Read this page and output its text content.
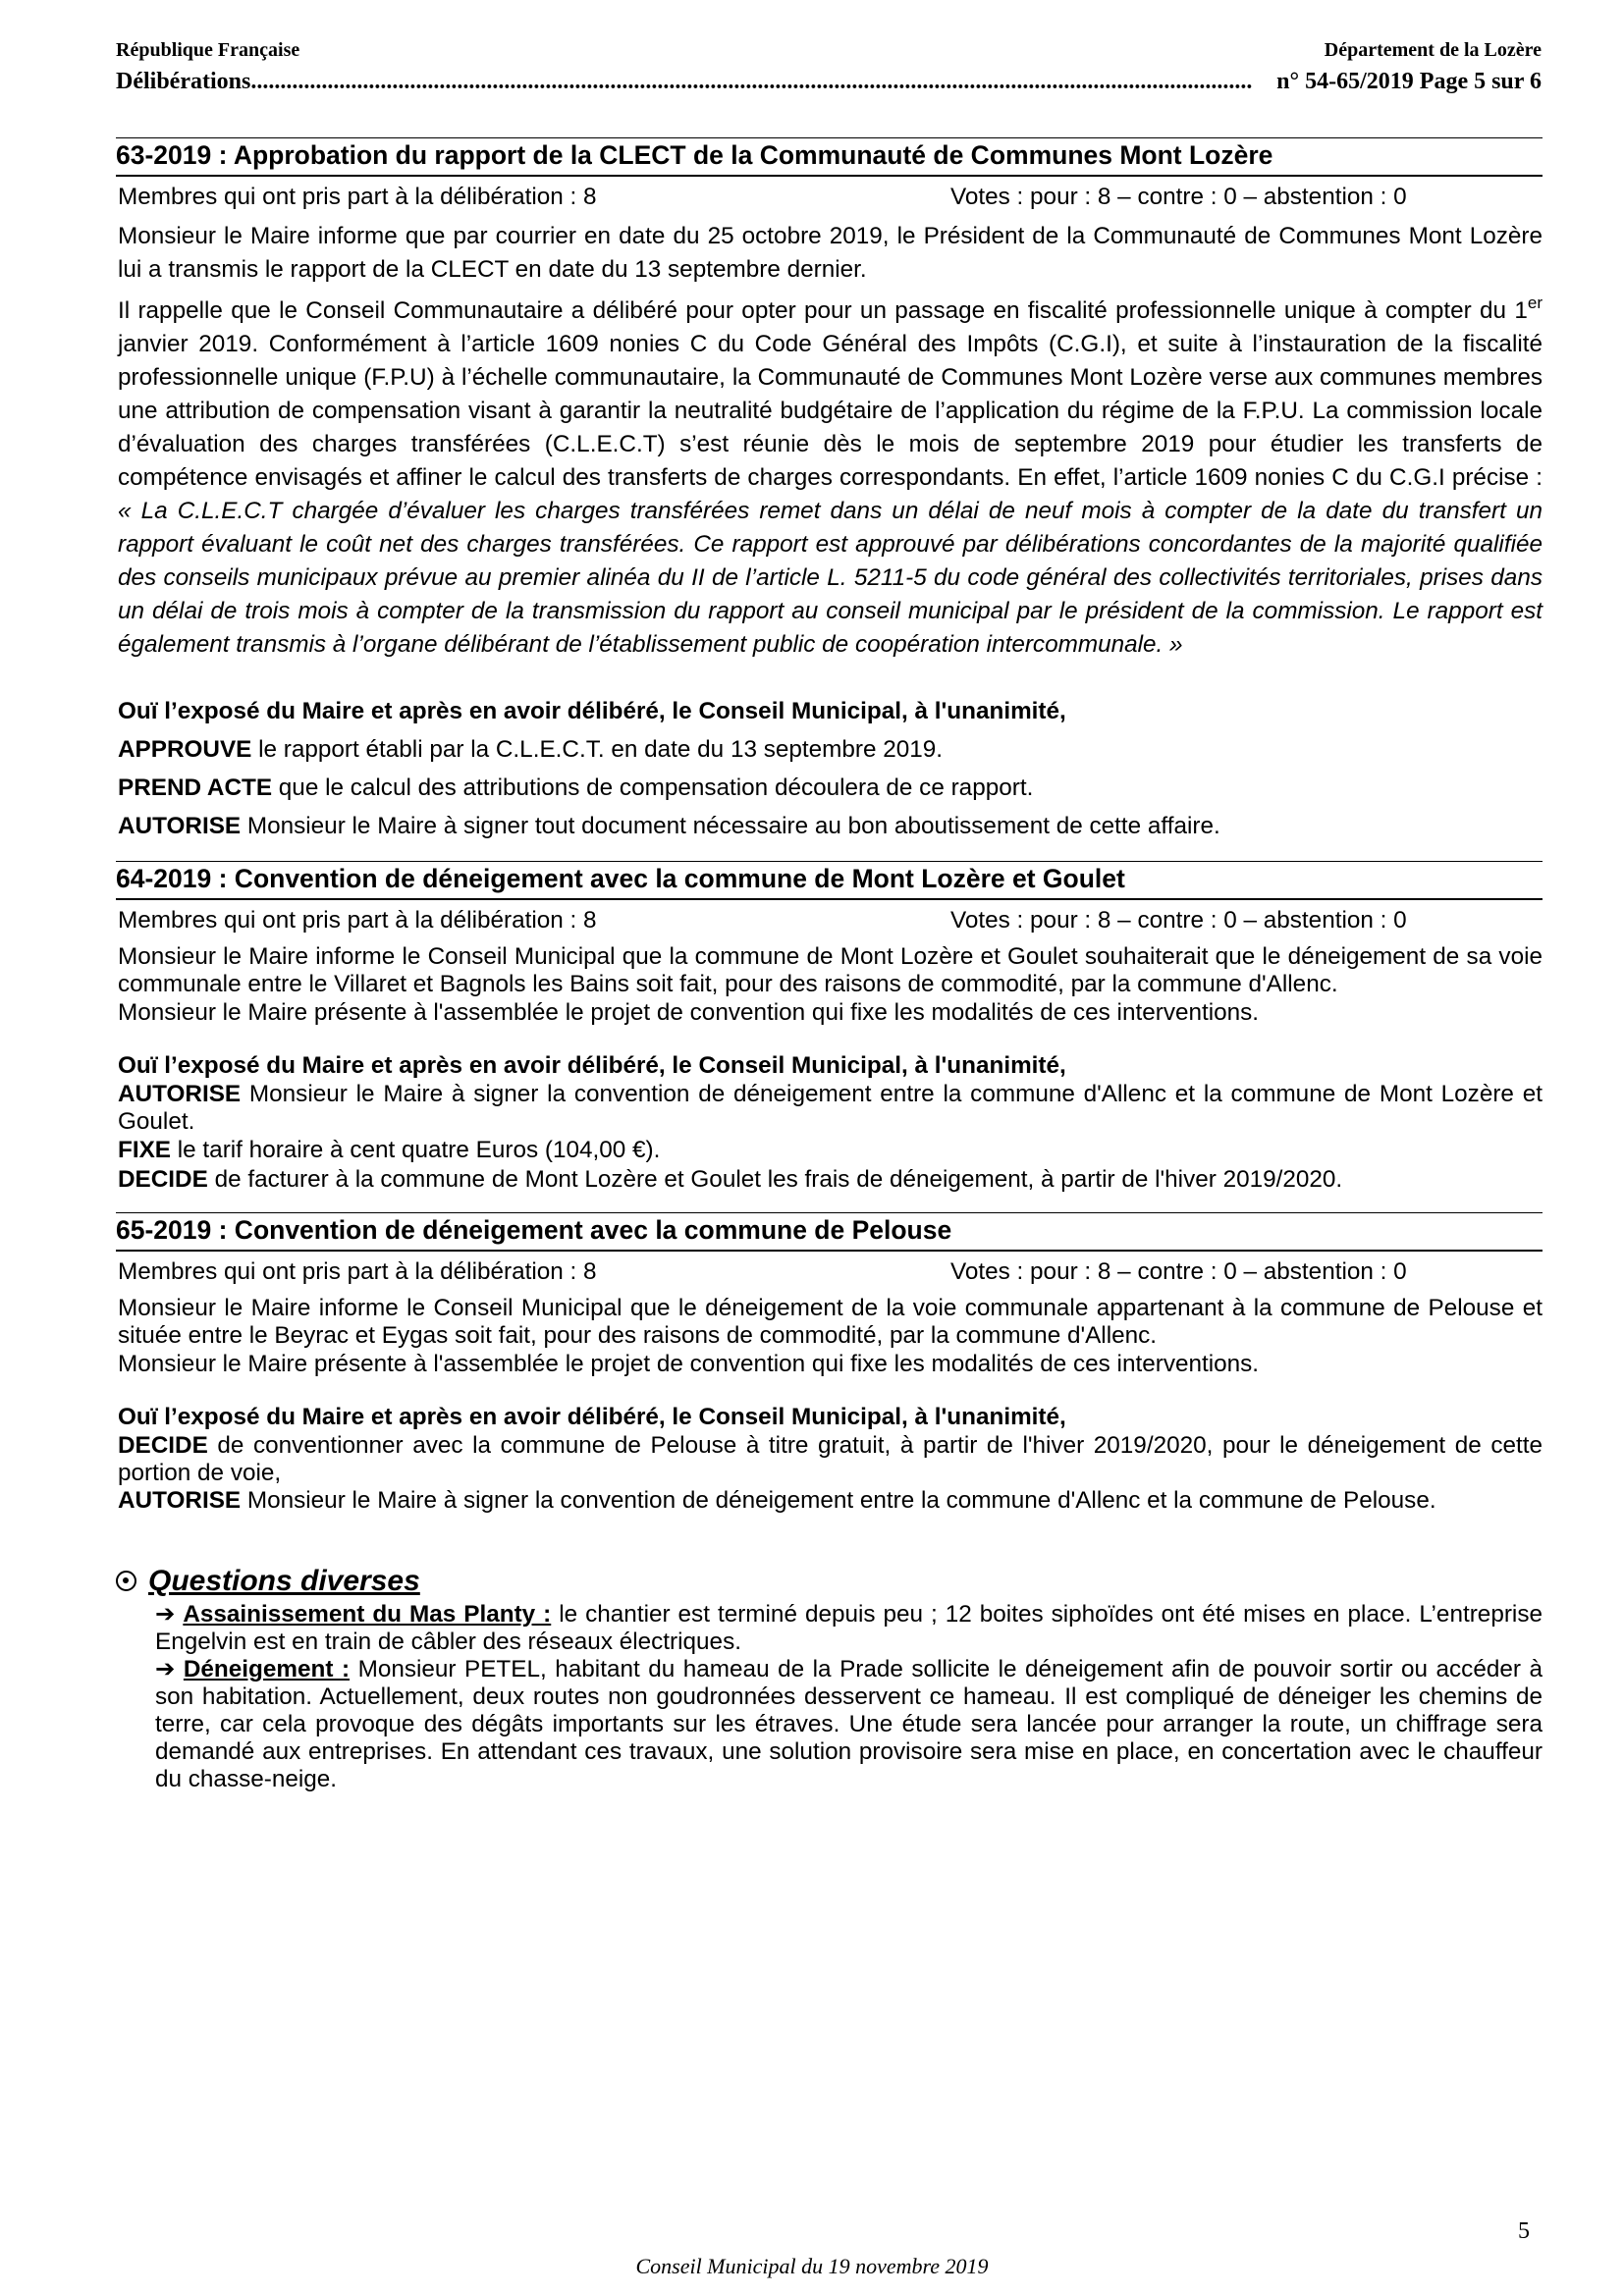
République Française	Département de la Lozère
Délibérations ..........................................................................................................................................................................	n° 54-65/2019 Page 5 sur 6
63-2019 : Approbation du rapport de la CLECT de la Communauté de Communes Mont Lozère
Membres qui ont pris part à la délibération : 8	Votes : pour : 8 – contre : 0 – abstention : 0

Monsieur le Maire informe que par courrier en date du 25 octobre 2019, le Président de la Communauté de Communes Mont Lozère lui a transmis le rapport de la CLECT en date du 13 septembre dernier.

Il rappelle que le Conseil Communautaire a délibéré pour opter pour un passage en fiscalité professionnelle unique à compter du 1er janvier 2019. Conformément à l’article 1609 nonies C du Code Général des Impôts (C.G.I), et suite à l’instauration de la fiscalité professionnelle unique (F.P.U) à l’échelle communautaire, la Communauté de Communes Mont Lozère verse aux communes membres une attribution de compensation visant à garantir la neutralité budgétaire de l’application du régime de la F.P.U. La commission locale d’évaluation des charges transférées (C.L.E.C.T) s’est réunie dès le mois de septembre 2019 pour étudier les transferts de compétence envisagés et affiner le calcul des transferts de charges correspondants. En effet, l’article 1609 nonies C du C.G.I précise : « La C.L.E.C.T chargée d’évaluer les charges transférées remet dans un délai de neuf mois à compter de la date du transfert un rapport évaluant le coût net des charges transférées. Ce rapport est approuvé par délibérations concordantes de la majorité qualifiée des conseils municipaux prévue au premier alinéa du II de l’article L. 5211-5 du code général des collectivités territoriales, prises dans un délai de trois mois à compter de la transmission du rapport au conseil municipal par le président de la commission. Le rapport est également transmis à l’organe délibérant de l’établissement public de coopération intercommunale. »

Ouï l’exposé du Maire et après en avoir délibéré, le Conseil Municipal, à l'unanimité,

APPROUVE le rapport établi par la C.L.E.C.T. en date du 13 septembre 2019.

PREND ACTE que le calcul des attributions de compensation découlera de ce rapport.

AUTORISE Monsieur le Maire à signer tout document nécessaire au bon aboutissement de cette affaire.

64-2019 : Convention de déneigement avec la commune de Mont Lozère et Goulet
Membres qui ont pris part à la délibération : 8	Votes : pour : 8 – contre : 0 – abstention : 0

Monsieur le Maire informe le Conseil Municipal que la commune de Mont Lozère et Goulet souhaiterait que le déneigement de sa voie communale entre le Villaret et Bagnols les Bains soit fait, pour des raisons de commodité, par la commune d'Allenc.

Monsieur le Maire présente à l'assemblée le projet de convention qui fixe les modalités de ces interventions.

Ouï l’exposé du Maire et après en avoir délibéré, le Conseil Municipal, à l'unanimité,

AUTORISE Monsieur le Maire à signer la convention de déneigement entre la commune d'Allenc et la commune de Mont Lozère et Goulet.

FIXE le tarif horaire à cent quatre Euros (104,00 €).

DECIDE de facturer à la commune de Mont Lozère et Goulet les frais de déneigement, à partir de l'hiver 2019/2020.

65-2019 : Convention de déneigement avec la commune de Pelouse
Membres qui ont pris part à la délibération : 8	Votes : pour : 8 – contre : 0 – abstention : 0

Monsieur le Maire informe le Conseil Municipal que le déneigement de la voie communale appartenant à la commune de Pelouse et située entre le Beyrac et Eygas soit fait, pour des raisons de commodité, par la commune d'Allenc.

Monsieur le Maire présente à l'assemblée le projet de convention qui fixe les modalités de ces interventions.

Ouï l’exposé du Maire et après en avoir délibéré, le Conseil Municipal, à l'unanimité,

DECIDE de conventionner avec la commune de Pelouse à titre gratuit, à partir de l'hiver 2019/2020, pour le déneigement de cette portion de voie,

AUTORISE Monsieur le Maire à signer la convention de déneigement entre la commune d'Allenc et la commune de Pelouse.

Questions diverses

➔ Assainissement du Mas Planty : le chantier est terminé depuis peu ; 12 boites siphoïdes ont été mises en place. L’entreprise Engelvin est en train de câbler des réseaux électriques.

➔ Déneigement : Monsieur PETEL, habitant du hameau de la Prade sollicite le déneigement afin de pouvoir sortir ou accéder à son habitation. Actuellement, deux routes non goudronnées desservent ce hameau. Il est compliqué de déneiger les chemins de terre, car cela provoque des dégâts importants sur les étraves. Une étude sera lancée pour arranger la route, un chiffrage sera demandé aux entreprises. En attendant ces travaux, une solution provisoire sera mise en place, en concertation avec le chauffeur du chasse-neige.

5
Conseil Municipal du 19 novembre 2019
